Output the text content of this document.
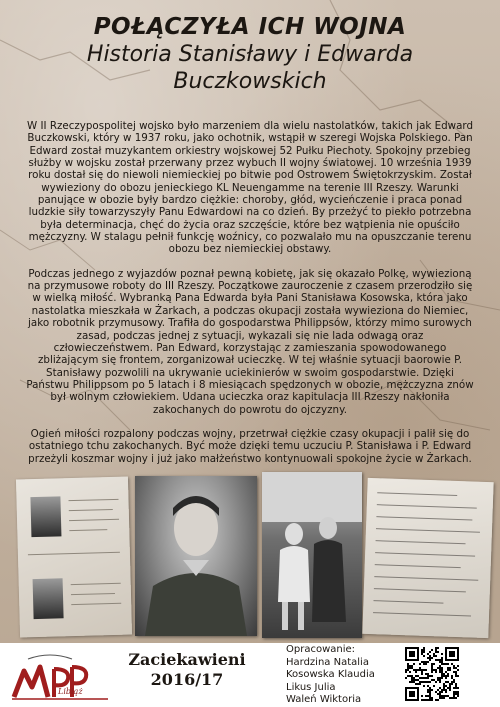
POŁĄCZYŁA ICH WOJNA
Historia Stanisławy i Edwarda
Buczkowskich

W II Rzeczypospolitej wojsko było marzeniem dla wielu nastolatków, takich jak Edward Buczkowski, który w 1937 roku, jako ochotnik, wstąpił w szeregi Wojska Polskiego. Pan Edward został muzykantem orkiestry wojskowej 52 Pułku Piechoty. Spokojny przebieg służby w wojsku został przerwany przez wybuch II wojny światowej. 10 września 1939 roku dostał się do niewoli niemieckiej po bitwie pod Ostrowem Świętokrzyskim. Został wywieziony do obozu jenieckiego KL Neuengamme na terenie III Rzeszy. Warunki panujące w obozie były bardzo ciężkie: choroby, głód, wycieńczenie i praca ponad ludzkie siły towarzyszyły Panu Edwardowi na co dzień. By przeżyć to piekło potrzebna była determinacja, chęć do życia oraz szczęście, które bez wątpienia nie opuściło mężczyzny. W stalagu pełnił funkcję woźnicy, co pozwalało mu na opuszczanie terenu obozu bez niemieckiej obstawy.

Podczas jednego z wyjazdów poznał pewną kobietę, jak się okazało Polkę, wywiezioną na przymusowe roboty do III Rzeszy. Początkowe zauroczenie z czasem przerodziło się w wielką miłość. Wybranką Pana Edwarda była Pani Stanisława Kosowska, która jako nastolatka mieszkała w Żarkach, a podczas okupacji została wywieziona do Niemiec, jako robotnik przymusowy. Trafiła do gospodarstwa Philippsów, którzy mimo surowych zasad, podczas jednej z sytuacji, wykazali się nie lada odwagą oraz człowieczeństwem. Pan Edward, korzystając z zamieszania spowodowanego zbliżającym się frontem, zorganizował ucieczkę. W tej właśnie sytuacji baorowie P. Stanisławy pozwolili na ukrywanie uciekinierów w swoim gospodarstwie. Dzięki Państwu Philippsom po 5 latach i 8 miesiącach spędzonych w obozie, mężczyzna znów był wolnym człowiekiem. Udana ucieczka oraz kapitulacja III Rzeszy nakłoniła zakochanych do powrotu do ojczyzny.

Ogień miłości rozpalony podczas wojny, przetrwał ciężkie czasy okupacji i palił się do ostatniego tchu zakochanych. Być może dzięki temu uczuciu P. Stanisława i P. Edward przeżyli koszmar wojny i już jako małżeństwo kontynuowali spokojne życie w Żarkach.

Libiąż
Zaciekawieni
2016/17
Opracowanie:
Hardzina Natalia
Kosowska Klaudia
Likus Julia
Waleń Wiktoria
